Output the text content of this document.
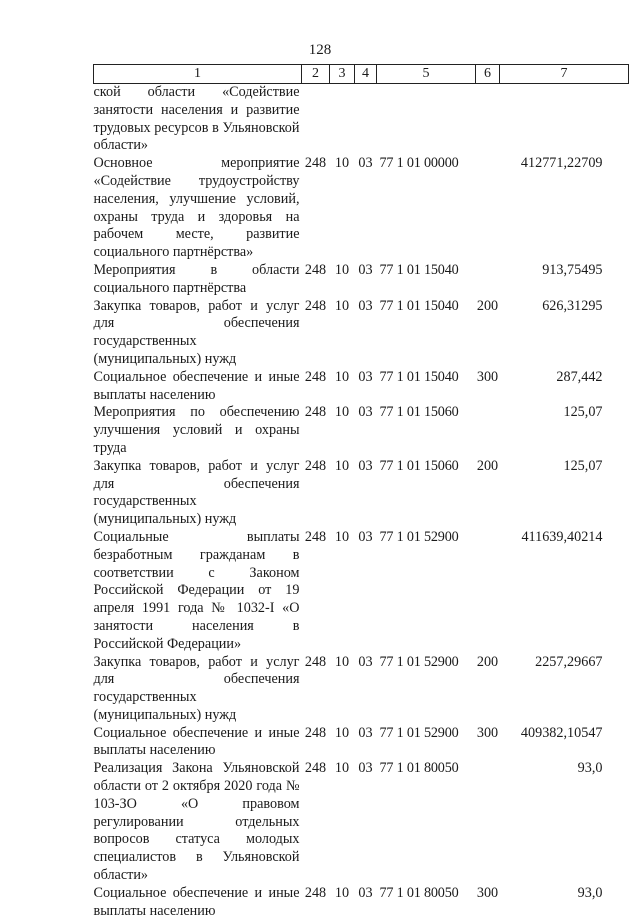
128
1	2	3	4	5	6	7
ской области «Содействие занятости населения и развитие трудовых ресурсов в Ульяновской области»						
Основное мероприятие «Содействие трудоустройству населения, улучшение условий, охраны труда и здоровья на рабочем месте, развитие социального партнёрства»	248	10	03	77 1 01 00000		412771,22709
Мероприятия в области социального партнёрства	248	10	03	77 1 01 15040		913,75495
Закупка товаров, работ и услуг для обеспечения государственных (муниципальных) нужд	248	10	03	77 1 01 15040	200	626,31295
Социальное обеспечение и иные выплаты населению	248	10	03	77 1 01 15040	300	287,442
Мероприятия по обеспечению улучшения условий и охраны труда	248	10	03	77 1 01 15060		125,07
Закупка товаров, работ и услуг для обеспечения государственных (муниципальных) нужд	248	10	03	77 1 01 15060	200	125,07
Социальные выплаты безработным гражданам в соответствии с Законом Российской Федерации от 19 апреля 1991 года № 1032-I «О занятости населения в Российской Федерации»	248	10	03	77 1 01 52900		411639,40214
Закупка товаров, работ и услуг для обеспечения государственных (муниципальных) нужд	248	10	03	77 1 01 52900	200	2257,29667
Социальное обеспечение и иные выплаты населению	248	10	03	77 1 01 52900	300	409382,10547
Реализация Закона Ульяновской области от 2 октября 2020 года № 103-ЗО «О правовом регулировании отдельных вопросов статуса молодых специалистов в Ульяновской области»	248	10	03	77 1 01 80050		93,0
Социальное обеспечение и иные выплаты населению	248	10	03	77 1 01 80050	300	93,0
